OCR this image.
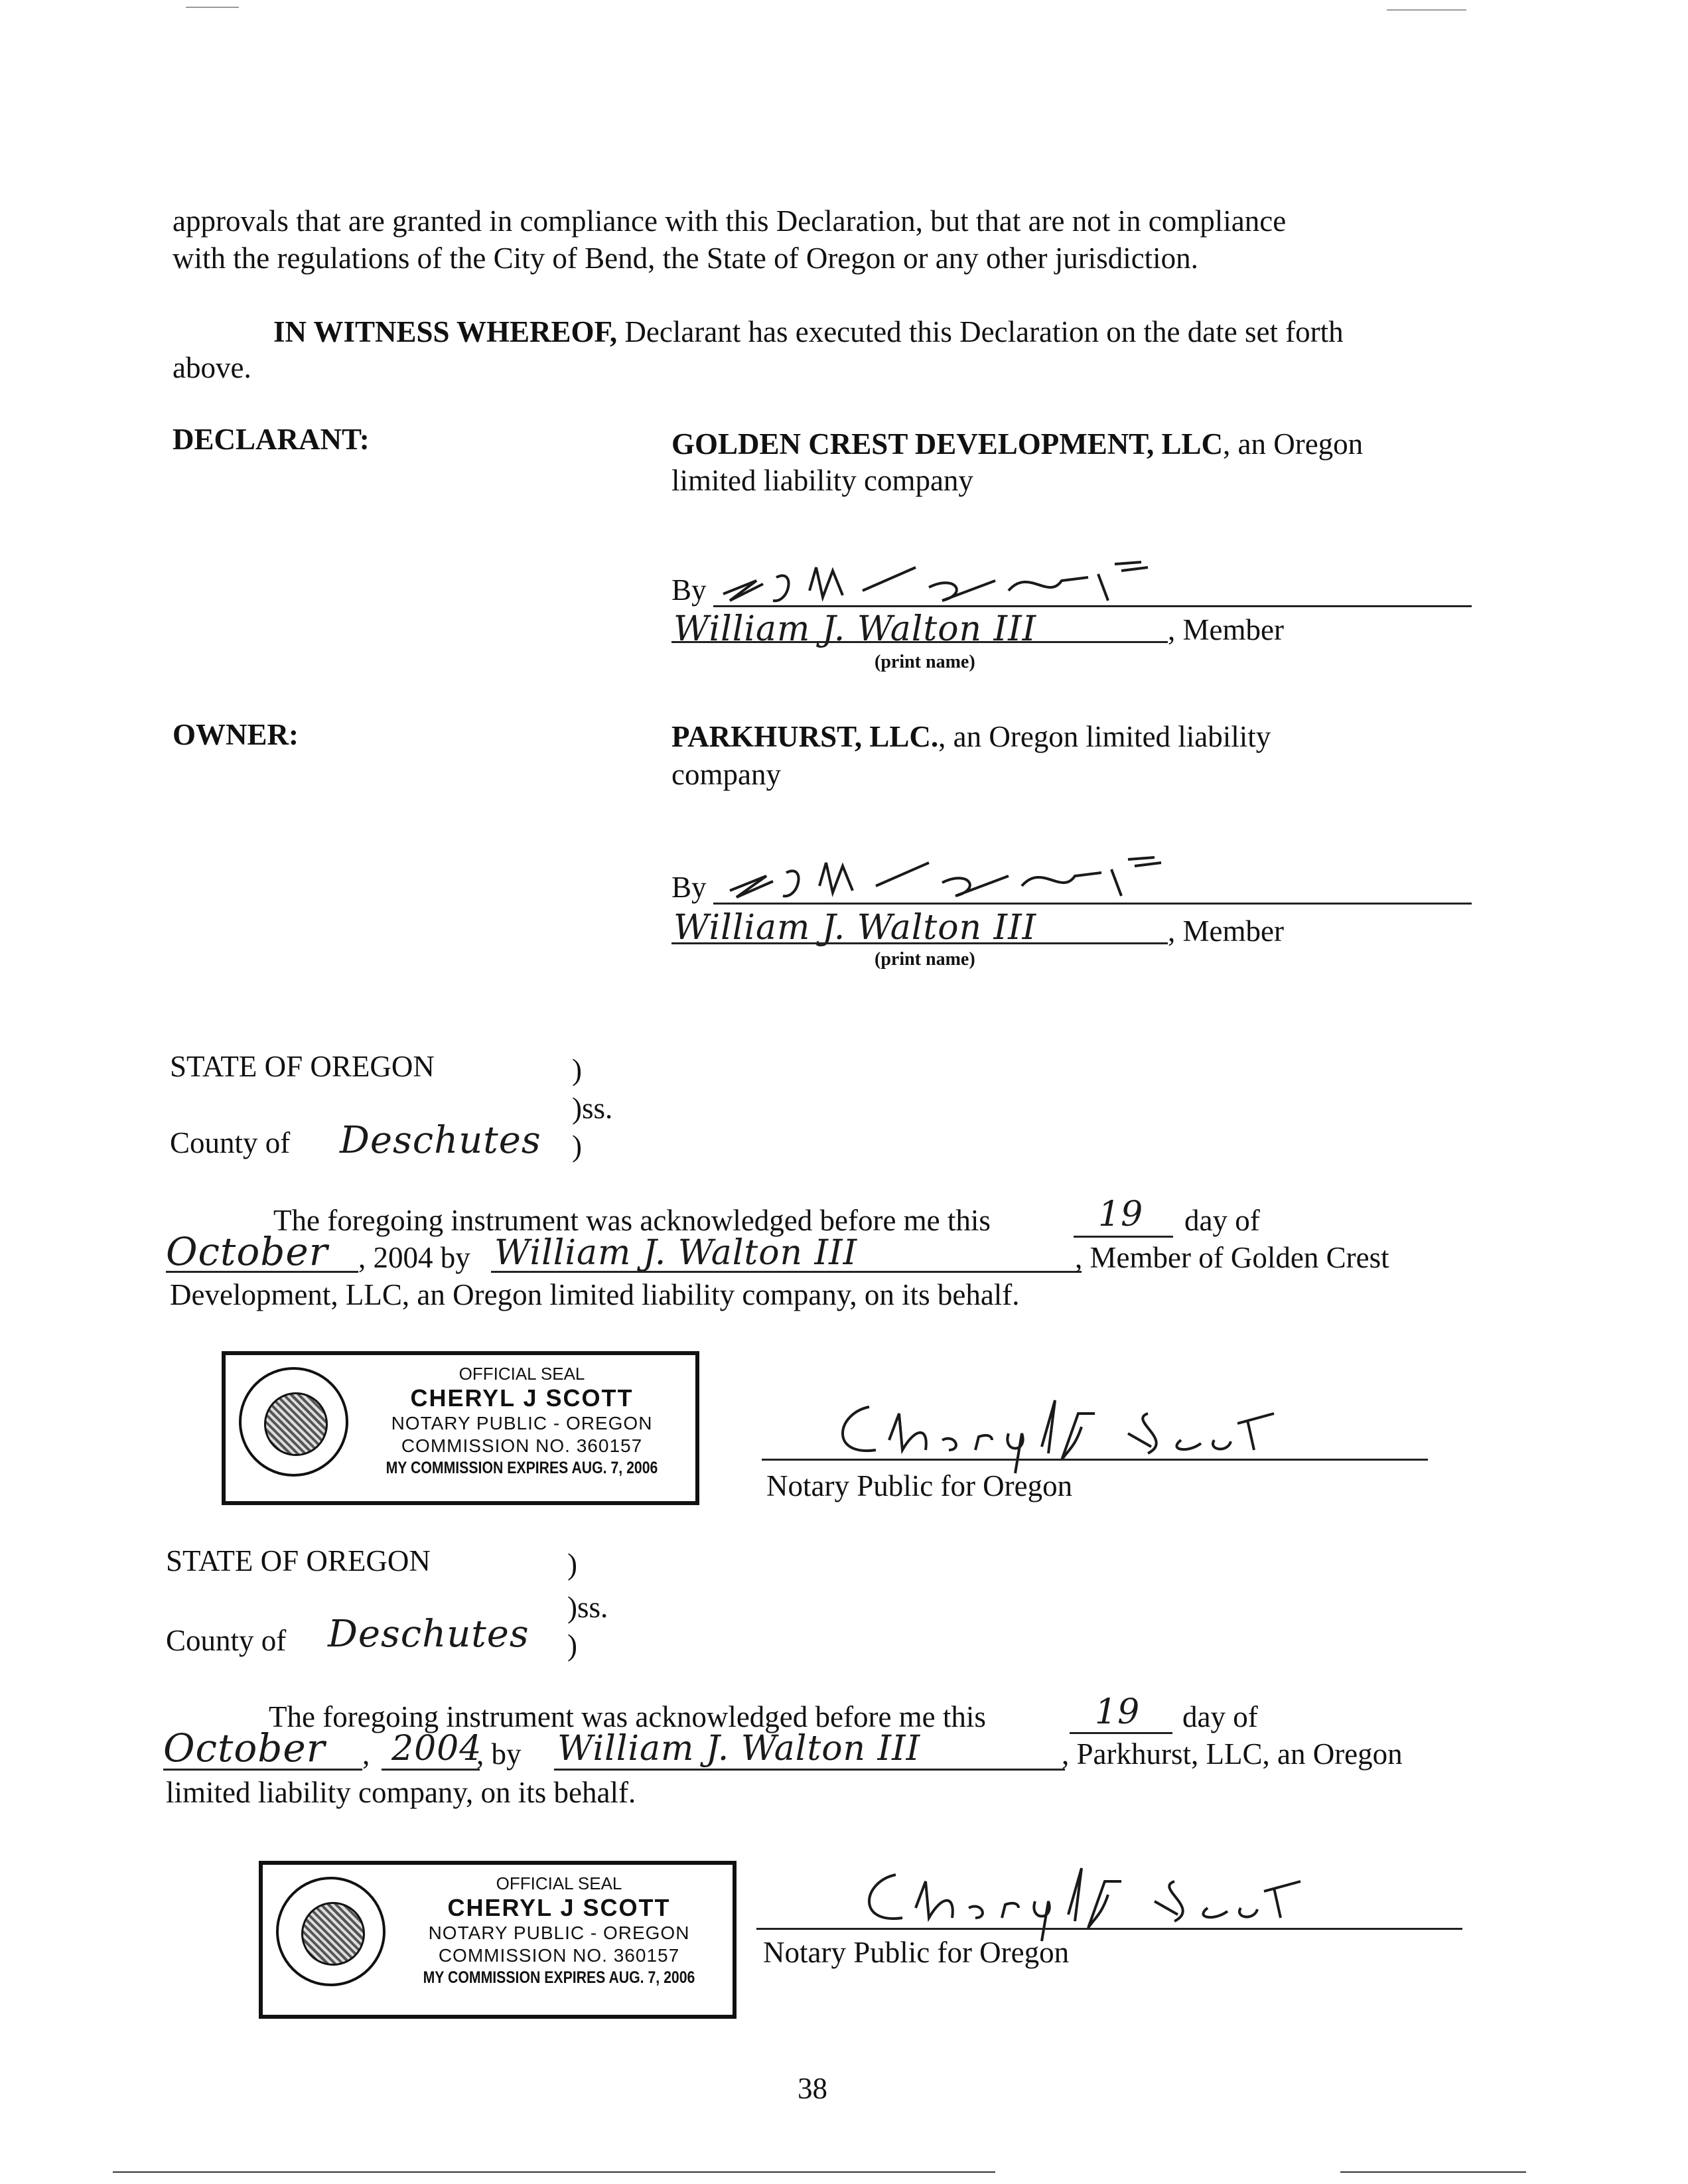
approvals that are granted in compliance with this Declaration, but that are not in compliance
with the regulations of the City of Bend, the State of Oregon or any other jurisdiction.
IN WITNESS WHEREOF, Declarant has executed this Declaration on the date set forth
above.
DECLARANT:	GOLDEN CREST DEVELOPMENT, LLC, an Oregon
limited liability company
By
William J. Walton III	, Member
(print name)
OWNER:	PARKHURST, LLC., an Oregon limited liability
company
By
William J. Walton III	, Member
(print name)
STATE OF OREGON	)
)ss.
County of Deschutes )
The foregoing instrument was acknowledged before me this	19 day of
October , 2004 by William J. Walton III	, Member of Golden Crest
Development, LLC, an Oregon limited liability company, on its behalf.
OFFICIAL SEAL
CHERYL J SCOTT
NOTARY PUBLIC - OREGON
COMMISSION NO. 360157
MY COMMISSION EXPIRES AUG. 7, 2006
Notary Public for Oregon
STATE OF OREGON	)
)ss.
County of Deschutes )
The foregoing instrument was acknowledged before me this	19 day of
October , 2004
, by William J. Walton III	, Parkhurst, LLC, an Oregon
limited liability company, on its behalf.
OFFICIAL SEAL
CHERYL J SCOTT
NOTARY PUBLIC - OREGON
COMMISSION NO. 360157
MY COMMISSION EXPIRES AUG. 7, 2006
Notary Public for Oregon
38
